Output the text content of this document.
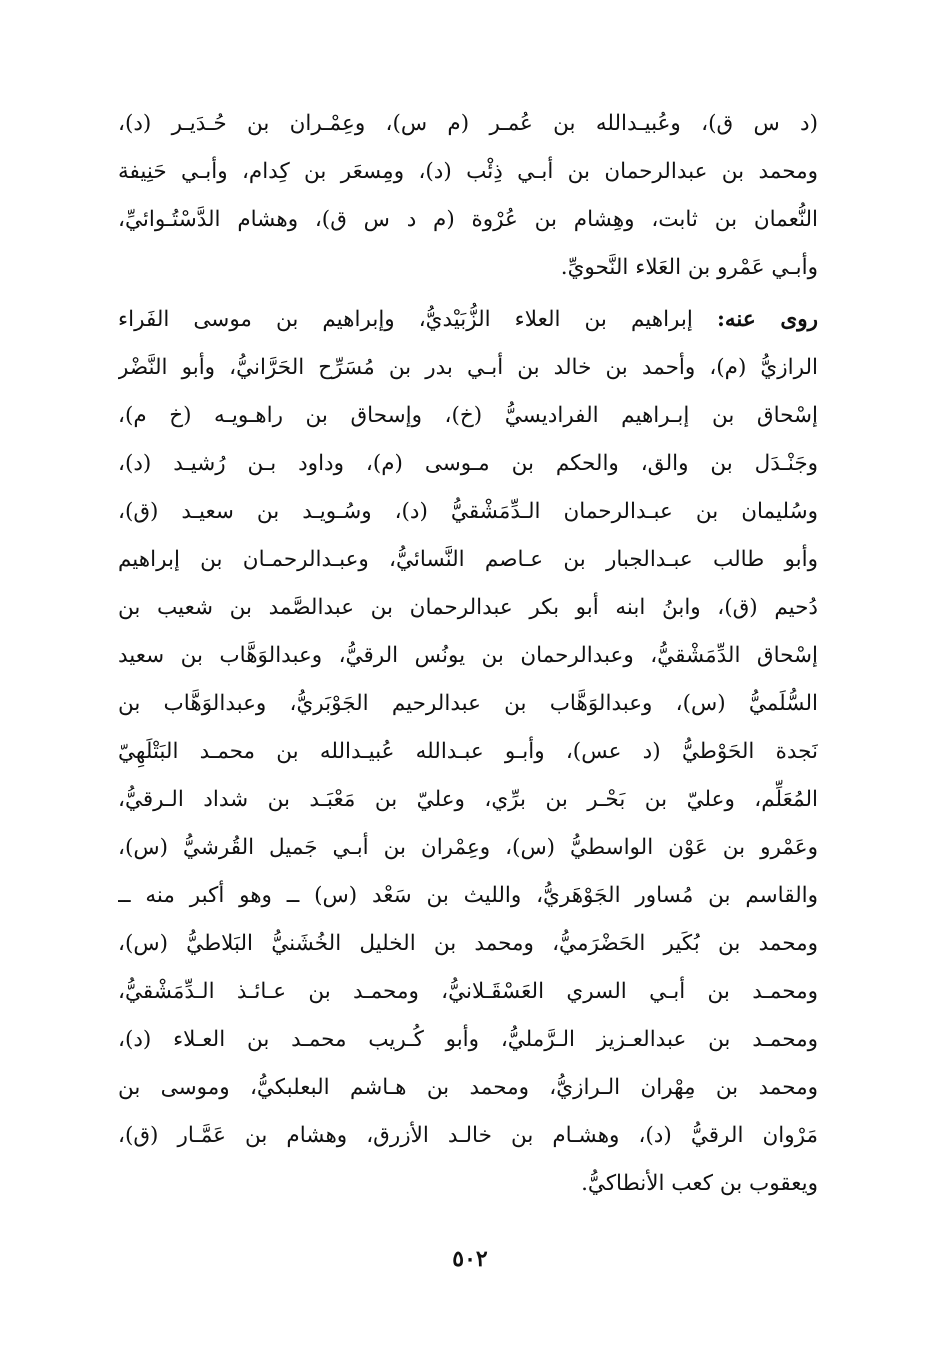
(د س ق)، وعُبيـدالله بن عُمـر (م س)، وعِمْـران بن حُـدَيـر (د)،
ومحمد بن عبدالرحمان بن أبـي ذِئْب (د)، ومِسعَر بن كِدام، وأبـي حَنِيفة
النُّعمان بن ثابت، وهِشام بن عُرْوة (م د س ق)، وهشام الدَّسْتُـوائيِّ،
وأبـي عَمْرو بن العَلاء النَّحويِّ.
روى عنه: إبراهيم بن العلاء الزُّبَيْديُّ، وإبراهيم بن موسى الفَراء
الرازيُّ (م)، وأحمد بن خالد بن أبـي بدر بن مُسَرِّح الحَرَّانيُّ، وأبو النَّضْر
إسْحاق بن إبـراهيم الفراديسيُّ (خ)، وإسحاق بن راهـويـه (خ م)،
وجَنْـدَل بن والق، والحكم بن مـوسى (م)، وداود بـن رُشيـد (د)،
وسُليمان بن عبـدالرحمان الـدِّمَشْقيُّ (د)، وسُـويـد بن سعيـد (ق)،
وأبو طالب عبـدالجبار بن عـاصم النَّسائيُّ، وعبـدالرحمـان بن إبراهيم
دُحيم (ق)، وابنُ ابنه أبو بكر عبدالرحمان بن عبدالصَّمد بن شعيب بن
إسْحاق الدِّمَشْقيُّ، وعبدالرحمان بن يونُس الرقيُّ، وعبدالوَهَّاب بن سعيد
السُّلَميُّ (س)، وعبدالوَهَّاب بن عبدالرحيم الجَوْبَريُّ، وعبدالوَهَّاب بن
نَجدة الحَوْطيُّ (د عس)، وأبـو عبـدالله عُبيـدالله بن محمـد البَتْلَهِيّ
المُعَلِّم، وعليّ بن بَحْـر بن برِّي، وعليّ بن مَعْبَـد بن شداد الـرقيُّ،
وعَمْرو بن عَوْن الواسطيُّ (س)، وعِمْران بن أبـي جَميل القُرشيُّ (س)،
والقاسم بن مُساور الجَوْهَريُّ، والليث بن سَعْد (س) ــ وهو أكبر منه ــ
ومحمد بن بُكَير الحَضْرَميُّ، ومحمد بن الخليل الخُشَنيُّ البَلاطيُّ (س)،
ومحمـد بن أبـي السري العَسْقَـلانيُّ، ومحمـد بن عـائـذ الـدِّمَشْقيُّ،
ومحمـد بن عبدالعـزيز الـرَّمليُّ، وأبو كُـريب محمـد بن العـلاء (د)،
ومحمد بن مِهْران الـرازيُّ، ومحمد بن هـاشم البعلبكيُّ، وموسى بن
مَرْوان الرقيُّ (د)، وهشـام بن خالـد الأزرق، وهشام بن عَمَّـار (ق)،
ويعقوب بن كعب الأنطاكيُّ.
٥٠٢
